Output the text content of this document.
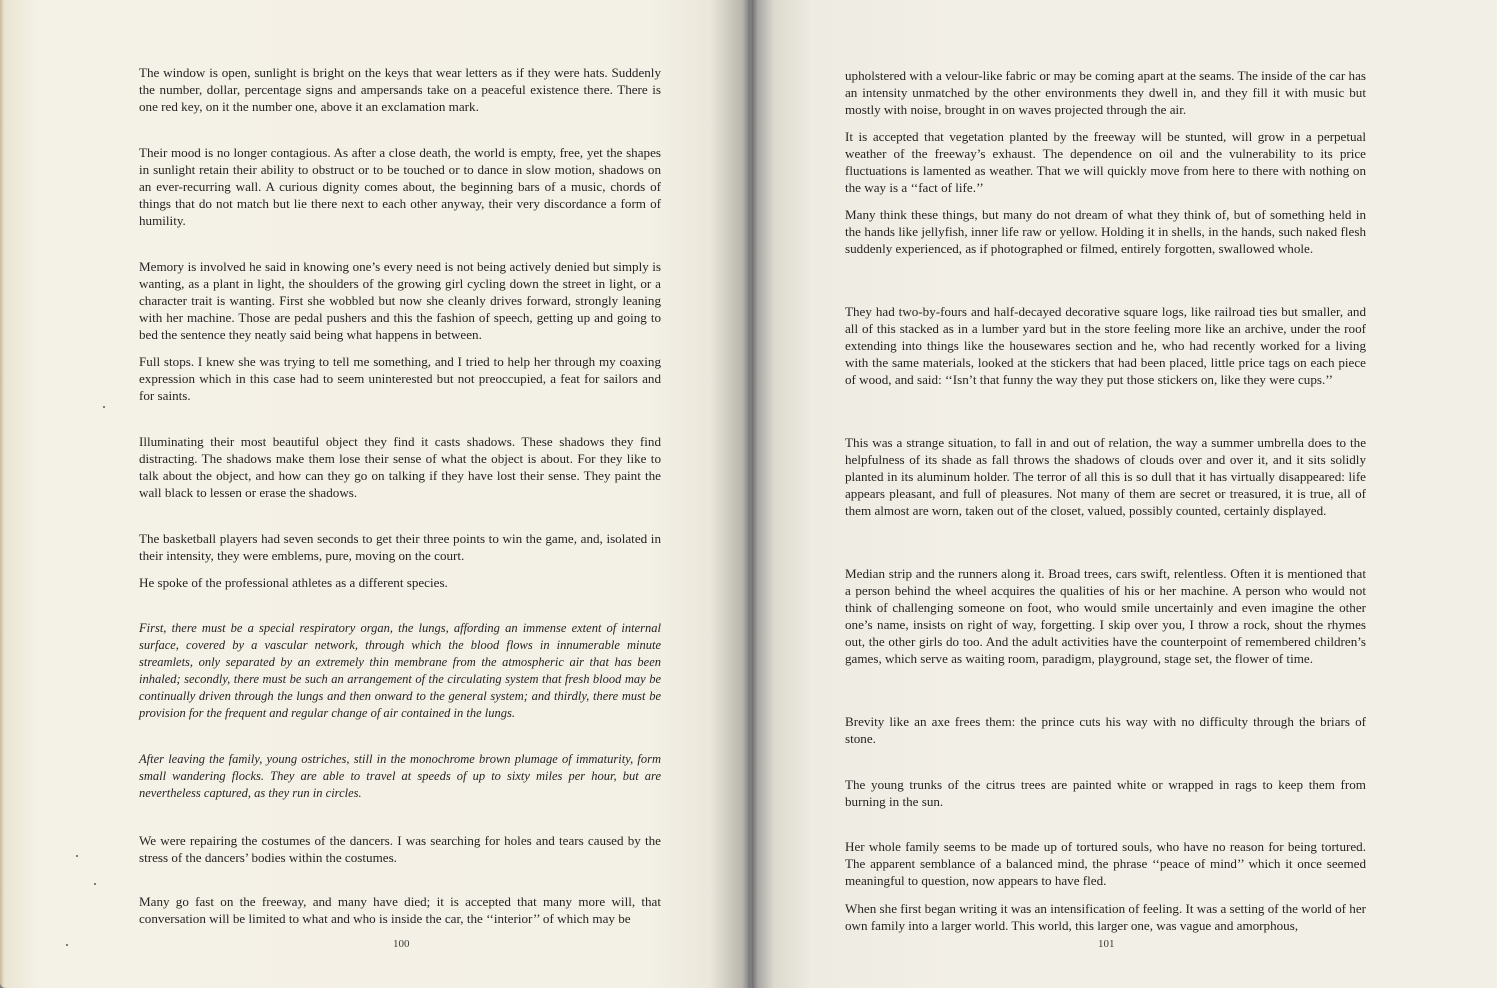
The window is open, sunlight is bright on the keys that wear letters as if they were hats. Suddenly the number, dollar, percentage signs and ampersands take on a peaceful existence there. There is one red key, on it the number one, above it an exclamation mark.

Their mood is no longer contagious. As after a close death, the world is empty, free, yet the shapes in sunlight retain their ability to obstruct or to be touched or to dance in slow motion, shadows on an ever-recurring wall. A curious dignity comes about, the beginning bars of a music, chords of things that do not match but lie there next to each other anyway, their very discordance a form of humility.

Memory is involved he said in knowing one’s every need is not being actively denied but simply is wanting, as a plant in light, the shoulders of the growing girl cycling down the street in light, or a character trait is wanting. First she wobbled but now she cleanly drives forward, strongly leaning with her machine. Those are pedal pushers and this the fashion of speech, getting up and going to bed the sentence they neatly said being what happens in between.

Full stops. I knew she was trying to tell me something, and I tried to help her through my coaxing expression which in this case had to seem uninterested but not preoccupied, a feat for sailors and for saints.

Illuminating their most beautiful object they find it casts shadows. These shadows they find distracting. The shadows make them lose their sense of what the object is about. For they like to talk about the object, and how can they go on talking if they have lost their sense. They paint the wall black to lessen or erase the shadows.

The basketball players had seven seconds to get their three points to win the game, and, isolated in their intensity, they were emblems, pure, moving on the court.

He spoke of the professional athletes as a different species.

First, there must be a special respiratory organ, the lungs, affording an immense extent of internal surface, covered by a vascular network, through which the blood flows in innumerable minute streamlets, only separated by an extremely thin membrane from the atmospheric air that has been inhaled; secondly, there must be such an arrangement of the circulating system that fresh blood may be continually driven through the lungs and then onward to the general system; and thirdly, there must be provision for the frequent and regular change of air contained in the lungs.

After leaving the family, young ostriches, still in the monochrome brown plumage of immaturity, form small wandering flocks. They are able to travel at speeds of up to sixty miles per hour, but are nevertheless captured, as they run in circles.

We were repairing the costumes of the dancers. I was searching for holes and tears caused by the stress of the dancers’ bodies within the costumes.

Many go fast on the freeway, and many have died; it is accepted that many more will, that conversation will be limited to what and who is inside the car, the ‘‘interior’’ of which may be

100

upholstered with a velour-like fabric or may be coming apart at the seams. The inside of the car has an intensity unmatched by the other environments they dwell in, and they fill it with music but mostly with noise, brought in on waves projected through the air.

It is accepted that vegetation planted by the freeway will be stunted, will grow in a perpetual weather of the freeway’s exhaust. The dependence on oil and the vulnerability to its price fluctuations is lamented as weather. That we will quickly move from here to there with nothing on the way is a ‘‘fact of life.’’

Many think these things, but many do not dream of what they think of, but of something held in the hands like jellyfish, inner life raw or yellow. Holding it in shells, in the hands, such naked flesh suddenly experienced, as if photographed or filmed, entirely forgotten, swallowed whole.

They had two-by-fours and half-decayed decorative square logs, like railroad ties but smaller, and all of this stacked as in a lumber yard but in the store feeling more like an archive, under the roof extending into things like the housewares section and he, who had recently worked for a living with the same materials, looked at the stickers that had been placed, little price tags on each piece of wood, and said: ‘‘Isn’t that funny the way they put those stickers on, like they were cups.’’

This was a strange situation, to fall in and out of relation, the way a summer umbrella does to the helpfulness of its shade as fall throws the shadows of clouds over and over it, and it sits solidly planted in its aluminum holder. The terror of all this is so dull that it has virtually disappeared: life appears pleasant, and full of pleasures. Not many of them are secret or treasured, it is true, all of them almost are worn, taken out of the closet, valued, possibly counted, certainly displayed.

Median strip and the runners along it. Broad trees, cars swift, relentless. Often it is mentioned that a person behind the wheel acquires the qualities of his or her machine. A person who would not think of challenging someone on foot, who would smile uncertainly and even imagine the other one’s name, insists on right of way, forgetting. I skip over you, I throw a rock, shout the rhymes out, the other girls do too. And the adult activities have the counterpoint of remembered children’s games, which serve as waiting room, paradigm, playground, stage set, the flower of time.

Brevity like an axe frees them: the prince cuts his way with no difficulty through the briars of stone.

The young trunks of the citrus trees are painted white or wrapped in rags to keep them from burning in the sun.

Her whole family seems to be made up of tortured souls, who have no reason for being tortured. The apparent semblance of a balanced mind, the phrase ‘‘peace of mind’’ which it once seemed meaningful to question, now appears to have fled.

When she first began writing it was an intensification of feeling. It was a setting of the world of her own family into a larger world. This world, this larger one, was vague and amorphous,

101
